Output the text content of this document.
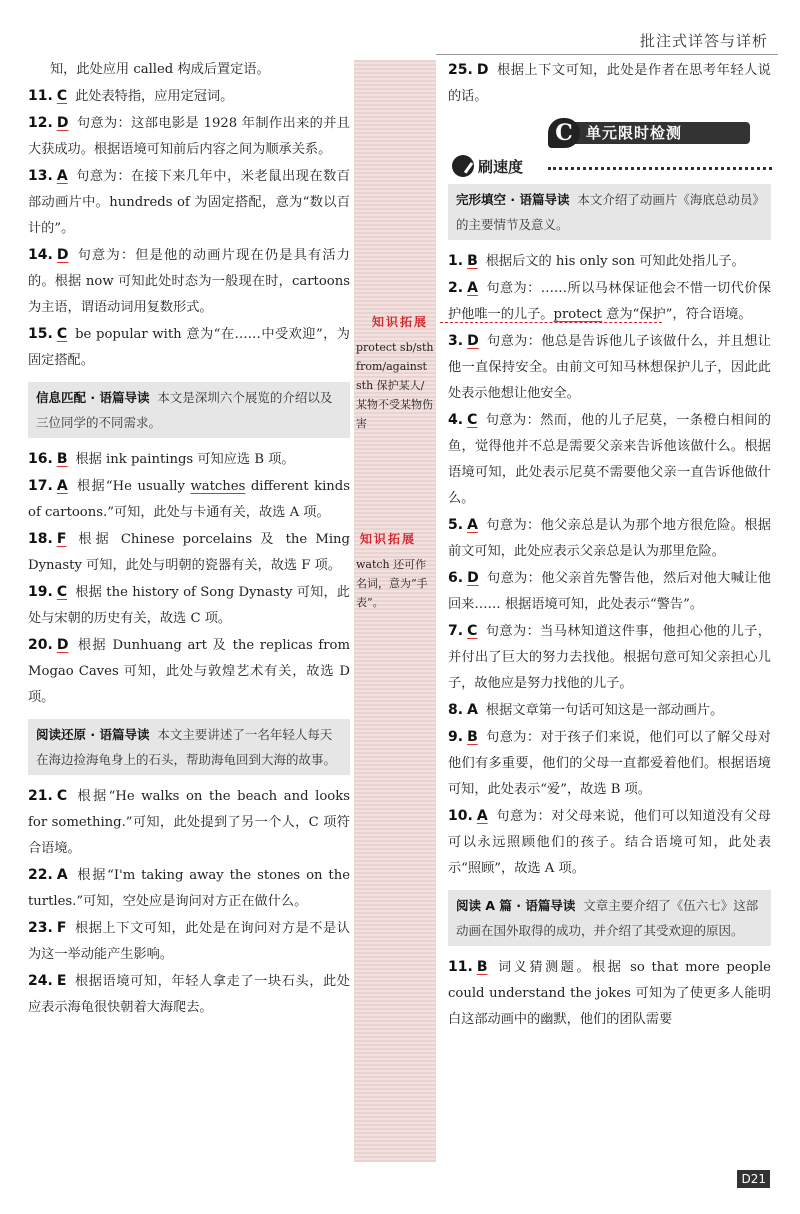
批注式详答与详析
知识拓展
protect sb/sth from/against sth 保护某人/某物不受某物伤害
知识拓展
watch 还可作名词，意为“手表”。

知，此处应用 called 构成后置定语。

11. C 此处表特指，应用定冠词。

12. D 句意为：这部电影是 1928 年制作出来的并且大获成功。根据语境可知前后内容之间为顺承关系。

13. A 句意为：在接下来几年中，米老鼠出现在数百部动画片中。hundreds of 为固定搭配，意为“数以百计的”。

14. D 句意为：但是他的动画片现在仍是具有活力的。根据 now 可知此处时态为一般现在时，cartoons 为主语，谓语动词用复数形式。

15. C be popular with 意为“在……中受欢迎”，为固定搭配。

信息匹配 · 语篇导读 本文是深圳六个展览的介绍以及三位同学的不同需求。

16. B 根据 ink paintings 可知应选 B 项。

17. A 根据“He usually watches different kinds of cartoons.”可知，此处与卡通有关，故选 A 项。

18. F 根据 Chinese porcelains 及 the Ming Dynasty 可知，此处与明朝的瓷器有关，故选 F 项。

19. C 根据 the history of Song Dynasty 可知，此处与宋朝的历史有关，故选 C 项。

20. D 根据 Dunhuang art 及 the replicas from Mogao Caves 可知，此处与敦煌艺术有关，故选 D 项。

阅读还原 · 语篇导读 本文主要讲述了一名年轻人每天在海边捡海龟身上的石头，帮助海龟回到大海的故事。

21. C 根据“He walks on the beach and looks for something.”可知，此处提到了另一个人，C 项符合语境。

22. A 根据“I'm taking away the stones on the turtles.”可知，空处应是询问对方正在做什么。

23. F 根据上下文可知，此处是在询问对方是不是认为这一举动能产生影响。

24. E 根据语境可知，年轻人拿走了一块石头，此处应表示海龟很快朝着大海爬去。

25. D 根据上下文可知，此处是作者在思考年轻人说的话。

单元限时检测
C
刷速度
完形填空 · 语篇导读 本文介绍了动画片《海底总动员》的主要情节及意义。

1. B 根据后文的 his only son 可知此处指儿子。

2. A 句意为：……所以马林保证他会不惜一切代价保护他唯一的儿子。protect 意为“保护”，符合语境。

3. D 句意为：他总是告诉他儿子该做什么，并且想让他一直保持安全。由前文可知马林想保护儿子，因此此处表示他想让他安全。

4. C 句意为：然而，他的儿子尼莫，一条橙白相间的鱼，觉得他并不总是需要父亲来告诉他该做什么。根据语境可知，此处表示尼莫不需要他父亲一直告诉他做什么。

5. A 句意为：他父亲总是认为那个地方很危险。根据前文可知，此处应表示父亲总是认为那里危险。

6. D 句意为：他父亲首先警告他，然后对他大喊让他回来…… 根据语境可知，此处表示“警告”。

7. C 句意为：当马林知道这件事，他担心他的儿子，并付出了巨大的努力去找他。根据句意可知父亲担心儿子，故他应是努力找他的儿子。

8. A 根据文章第一句话可知这是一部动画片。

9. B 句意为：对于孩子们来说，他们可以了解父母对他们有多重要，他们的父母一直都爱着他们。根据语境可知，此处表示“爱”，故选 B 项。

10. A 句意为：对父母来说，他们可以知道没有父母可以永远照顾他们的孩子。结合语境可知，此处表示“照顾”，故选 A 项。

阅读 A 篇 · 语篇导读 文章主要介绍了《伍六七》这部动画在国外取得的成功，并介绍了其受欢迎的原因。

11. B 词义猜测题。根据 so that more people could understand the jokes 可知为了使更多人能明白这部动画中的幽默，他们的团队需要

D21
